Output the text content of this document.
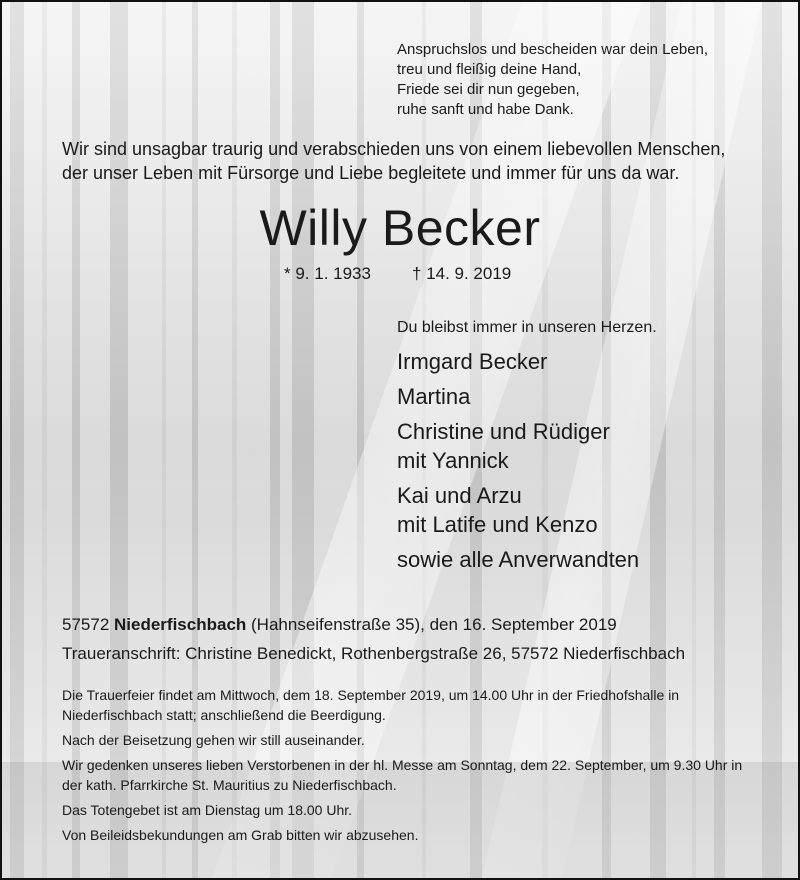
Anspruchslos und bescheiden war dein Leben,
treu und fleißig deine Hand,
Friede sei dir nun gegeben,
ruhe sanft und habe Dank.
Wir sind unsagbar traurig und verabschieden uns von einem liebevollen Menschen,
der unser Leben mit Fürsorge und Liebe begleitete und immer für uns da war.
Willy Becker
* 9. 1. 1933 † 14. 9. 2019
Du bleibst immer in unseren Herzen.
Irmgard Becker
Martina
Christine und Rüdiger
mit Yannick
Kai und Arzu
mit Latife und Kenzo
sowie alle Anverwandten
57572 Niederfischbach (Hahnseifenstraße 35), den 16. September 2019
Traueranschrift: Christine Benedickt, Rothenbergstraße 26, 57572 Niederfischbach

Die Trauerfeier findet am Mittwoch, dem 18. September 2019, um 14.00 Uhr in der Friedhofshalle in Niederfischbach statt; anschließend die Beerdigung.

Nach der Beisetzung gehen wir still auseinander.

Wir gedenken unseres lieben Verstorbenen in der hl. Messe am Sonntag, dem 22. September, um 9.30 Uhr in der kath. Pfarrkirche St. Mauritius zu Niederfischbach.

Das Totengebet ist am Dienstag um 18.00 Uhr.

Von Beileidsbekundungen am Grab bitten wir abzusehen.
